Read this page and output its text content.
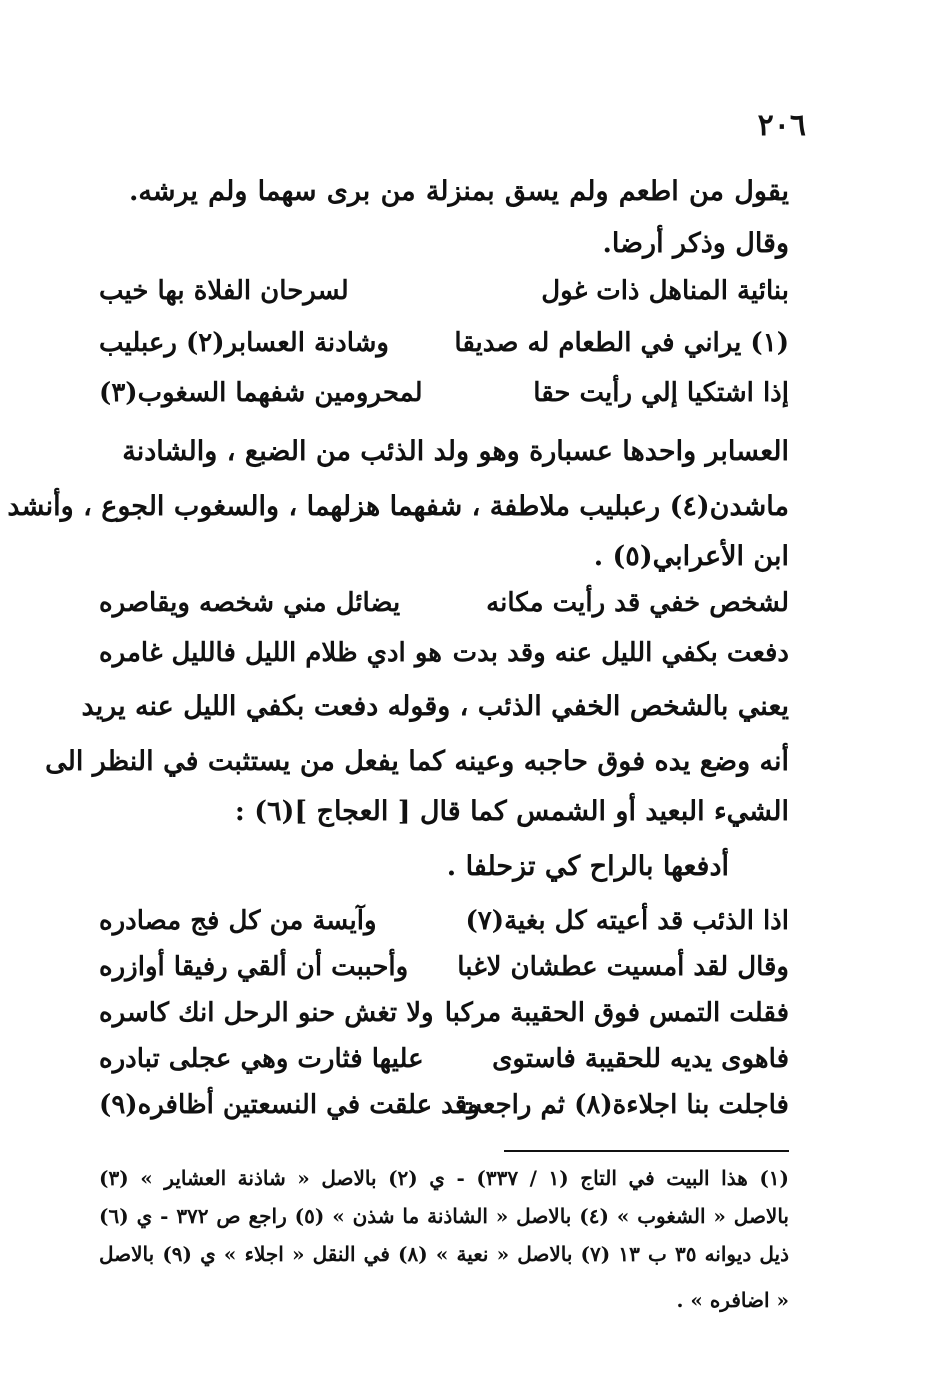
٢٠٦
يقول من اطعم ولم يسق بمنزلة من برى سهما ولم يرشه.
وقال وذكر أرضا.
بنائية المناهل ذات غول
لسرحان الفلاة بها خيب
(١) يراني في الطعام له صديقا
وشادنة العسابر(٢) رعبليب
إذا اشتكيا إلي رأيت حقا
لمحرومين شفهما السغوب(٣)
العسابر واحدها عسبارة وهو ولد الذئب من الضبع ، والشادنة
ماشدن(٤) رعبليب ملاطفة ، شفهما هزلهما ، والسغوب الجوع ، وأنشد
ابن الأعرابي(٥) .
لشخص خفي قد رأيت مكانه
يضائل مني شخصه ويقاصره
دفعت بكفي الليل عنه وقد بدت
هو ادي ظلام الليل فالليل غامره
يعني بالشخص الخفي الذئب ، وقوله دفعت بكفي الليل عنه يريد
أنه وضع يده فوق حاجبه وعينه كما يفعل من يستثبت في النظر الى
الشيء البعيد أو الشمس كما قال [ العجاج ](٦) :
أدفعها بالراح كي تزحلفا .
اذا الذئب قد أعيته كل بغية(٧)
وآيسة من كل فج مصادره
وقال لقد أمسيت عطشان لاغبا
وأحببت أن ألقي رفيقا أوازره
فقلت التمس فوق الحقيبة مركبا
ولا تغش حنو الرحل انك كاسره
فاهوى يديه للحقيبة فاستوى
عليها فثارت وهي عجلى تبادره
فاجلت بنا اجلاءة(٨) ثم راجعت
وقد علقت في النسعتين أظافره(٩)
(١) هذا البيت في التاج (١ / ٣٣٧) - ي (٢) بالاصل « شاذنة العشاير » (٣)
بالاصل « الشغوب » (٤) بالاصل « الشاذنة ما شذن » (٥) راجع ص ٣٧٢ - ي (٦)
ذيل ديوانه ٣٥ ب ١٣ (٧) بالاصل « نعية » (٨) في النقل « اجلاء » ي (٩) بالاصل
« اضافره » .
